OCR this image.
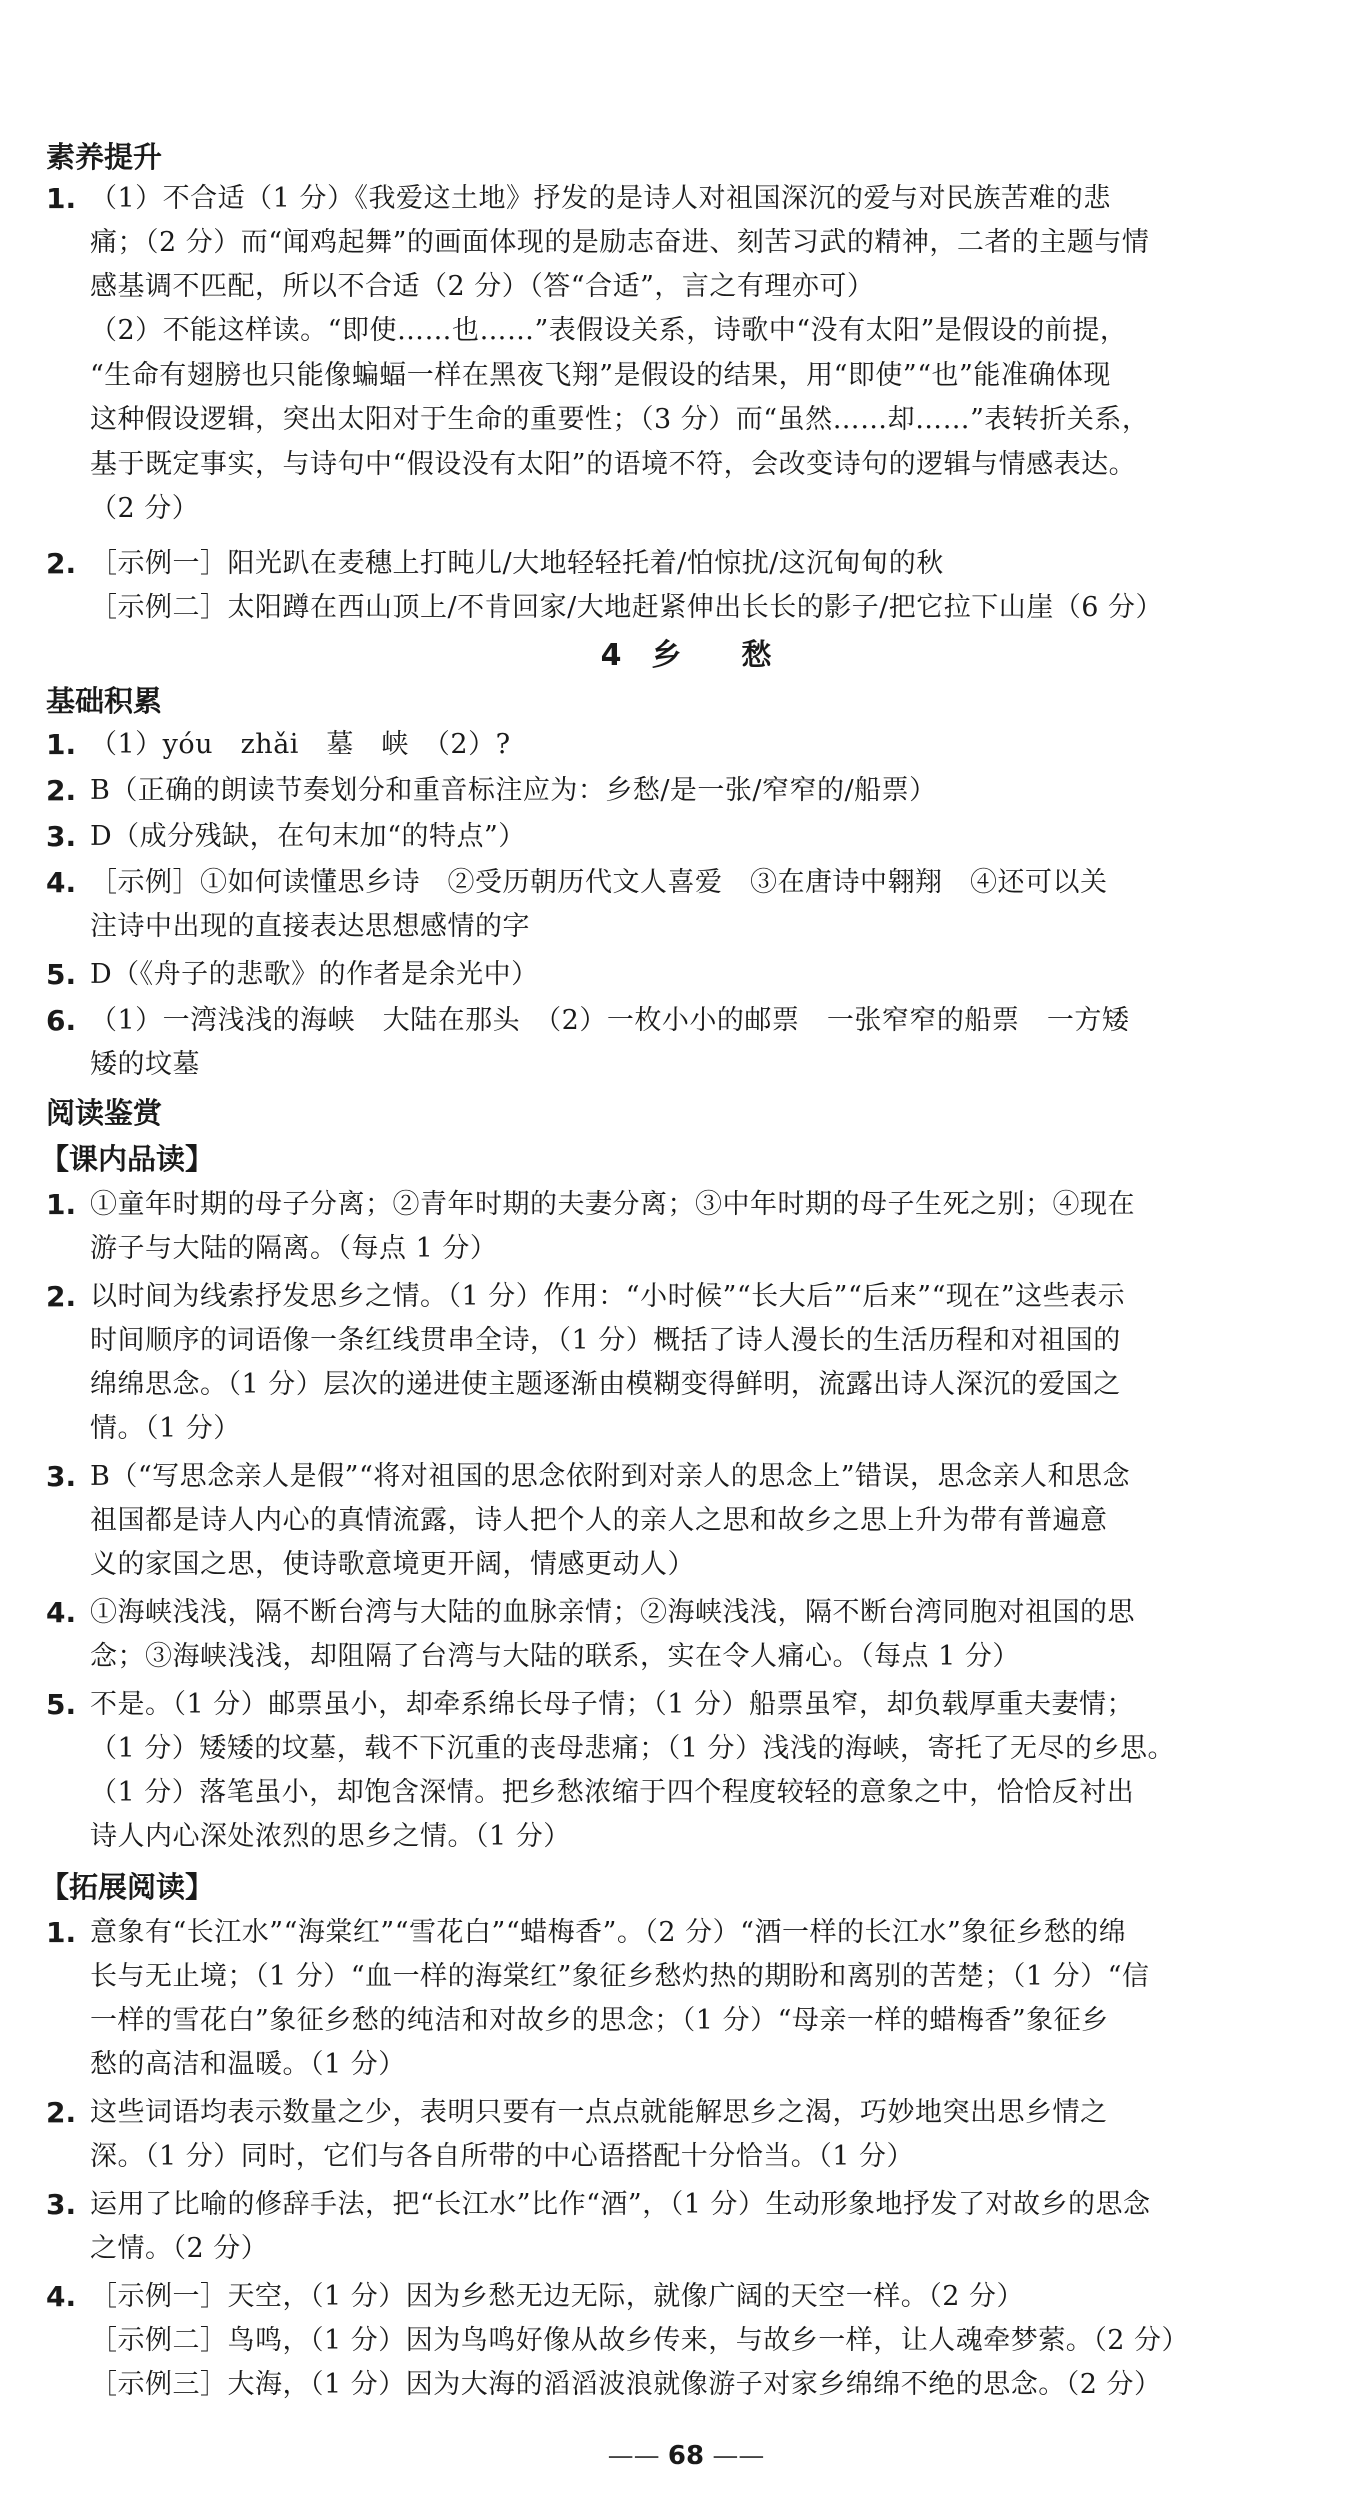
素养提升
1. （1）不合适（1 分）《我爱这土地》抒发的是诗人对祖国深沉的爱与对民族苦难的悲
痛；（2 分）而“闻鸡起舞”的画面体现的是励志奋进、刻苦习武的精神，二者的主题与情
感基调不匹配，所以不合适（2 分）（答“合适”，言之有理亦可）
（2）不能这样读。“即使……也……”表假设关系，诗歌中“没有太阳”是假设的前提，
“生命有翅膀也只能像蝙蝠一样在黑夜飞翔”是假设的结果，用“即使”“也”能准确体现
这种假设逻辑，突出太阳对于生命的重要性；（3 分）而“虽然……却……”表转折关系，
基于既定事实，与诗句中“假设没有太阳”的语境不符，会改变诗句的逻辑与情感表达。
（2 分）
2. ［示例一］阳光趴在麦穗上打盹儿/大地轻轻托着/怕惊扰/这沉甸甸的秋
［示例二］太阳蹲在西山顶上/不肯回家/大地赶紧伸出长长的影子/把它拉下山崖（6 分）
4　乡　　愁
基础积累
1. （1）yóu　zhǎi　墓　峡　（2）?
2. B（正确的朗读节奏划分和重音标注应为：乡愁/是一张/窄窄的/船票）
3. D（成分残缺，在句末加“的特点”）
4. ［示例］①如何读懂思乡诗　②受历朝历代文人喜爱　③在唐诗中翱翔　④还可以关
注诗中出现的直接表达思想感情的字
5. D（《舟子的悲歌》的作者是余光中）
6. （1）一湾浅浅的海峡　大陆在那头　（2）一枚小小的邮票　一张窄窄的船票　一方矮
矮的坟墓
阅读鉴赏
【课内品读】
1. ①童年时期的母子分离；②青年时期的夫妻分离；③中年时期的母子生死之别；④现在
游子与大陆的隔离。（每点 1 分）
2. 以时间为线索抒发思乡之情。（1 分）作用：“小时候”“长大后”“后来”“现在”这些表示
时间顺序的词语像一条红线贯串全诗，（1 分）概括了诗人漫长的生活历程和对祖国的
绵绵思念。（1 分）层次的递进使主题逐渐由模糊变得鲜明，流露出诗人深沉的爱国之
情。（1 分）
3. B（“写思念亲人是假”“将对祖国的思念依附到对亲人的思念上”错误，思念亲人和思念
祖国都是诗人内心的真情流露，诗人把个人的亲人之思和故乡之思上升为带有普遍意
义的家国之思，使诗歌意境更开阔，情感更动人）
4. ①海峡浅浅，隔不断台湾与大陆的血脉亲情；②海峡浅浅，隔不断台湾同胞对祖国的思
念；③海峡浅浅，却阻隔了台湾与大陆的联系，实在令人痛心。（每点 1 分）
5. 不是。（1 分）邮票虽小，却牵系绵长母子情；（1 分）船票虽窄，却负载厚重夫妻情；
（1 分）矮矮的坟墓，载不下沉重的丧母悲痛；（1 分）浅浅的海峡，寄托了无尽的乡思。
（1 分）落笔虽小，却饱含深情。把乡愁浓缩于四个程度较轻的意象之中，恰恰反衬出
诗人内心深处浓烈的思乡之情。（1 分）
【拓展阅读】
1. 意象有“长江水”“海棠红”“雪花白”“蜡梅香”。（2 分）“酒一样的长江水”象征乡愁的绵
长与无止境；（1 分）“血一样的海棠红”象征乡愁灼热的期盼和离别的苦楚；（1 分）“信
一样的雪花白”象征乡愁的纯洁和对故乡的思念；（1 分）“母亲一样的蜡梅香”象征乡
愁的高洁和温暖。（1 分）
2. 这些词语均表示数量之少，表明只要有一点点就能解思乡之渴，巧妙地突出思乡情之
深。（1 分）同时，它们与各自所带的中心语搭配十分恰当。（1 分）
3. 运用了比喻的修辞手法，把“长江水”比作“酒”，（1 分）生动形象地抒发了对故乡的思念
之情。（2 分）
4. ［示例一］天空，（1 分）因为乡愁无边无际，就像广阔的天空一样。（2 分）
［示例二］鸟鸣，（1 分）因为鸟鸣好像从故乡传来，与故乡一样，让人魂牵梦萦。（2 分）
［示例三］大海，（1 分）因为大海的滔滔波浪就像游子对家乡绵绵不绝的思念。（2 分）
—— 68 ——
